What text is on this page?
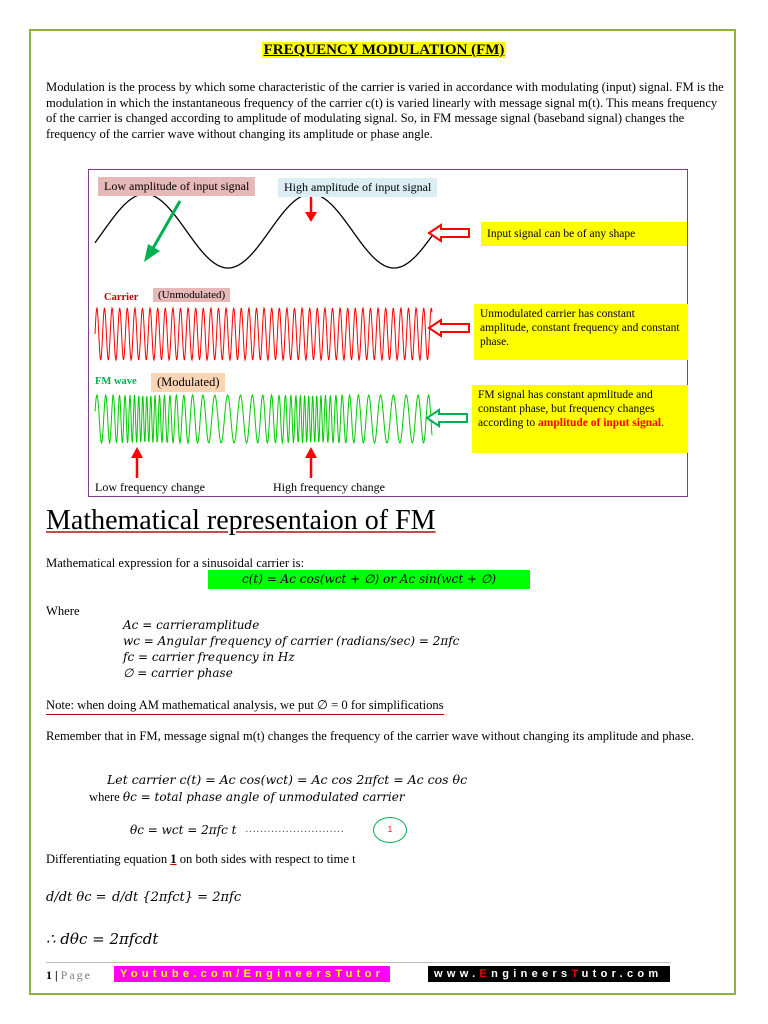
FREQUENCY MODULATION (FM)
Modulation is the process by which some characteristic of the carrier is varied in accordance with modulating (input) signal. FM is the modulation in which the instantaneous frequency of the carrier c(t) is varied linearly with message signal m(t). This means frequency of the carrier is changed according to amplitude of modulating signal. So, in FM message signal (baseband signal) changes the frequency of the carrier wave without changing its amplitude or phase angle.
Low amplitude of input signal	High amplitude of input signal
Input signal can be of any shape
Carrier	(Unmodulated)
Unmodulated carrier has constant amplitude, constant frequency and constant phase.
FM wave	(Modulated)
FM signal has constant apmlitude and constant phase, but frequency changes according to amplitude of input signal.
Low frequency change	High frequency change
Mathematical representaion of FM
Mathematical expression for a sinusoidal carrier is:
c(t) = Ac cos(wct + ∅) or Ac sin(wct + ∅)
Where
Ac = carrieramplitude
wc = Angular frequency of carrier (radians/sec) = 2πfc
fc = carrier frequency in Hz
∅ = carrier phase
Note: when doing AM mathematical analysis, we put ∅ = 0 for simplifications
Remember that in FM, message signal m(t) changes the frequency of the carrier wave without changing its amplitude and phase.
Let carrier c(t) = Ac cos(wct) = Ac cos 2πfct = Ac cos θc
where θc = total phase angle of unmodulated carrier
θc = wct = 2πfc t ………………………	1
Differentiating equation 1 on both sides with respect to time t
d/dt θc = d/dt {2πfct} = 2πfc
∴ dθc = 2πfcdt
1 | Page	Youtube.com/EngineersTutor	www.EngineersTutor.com
